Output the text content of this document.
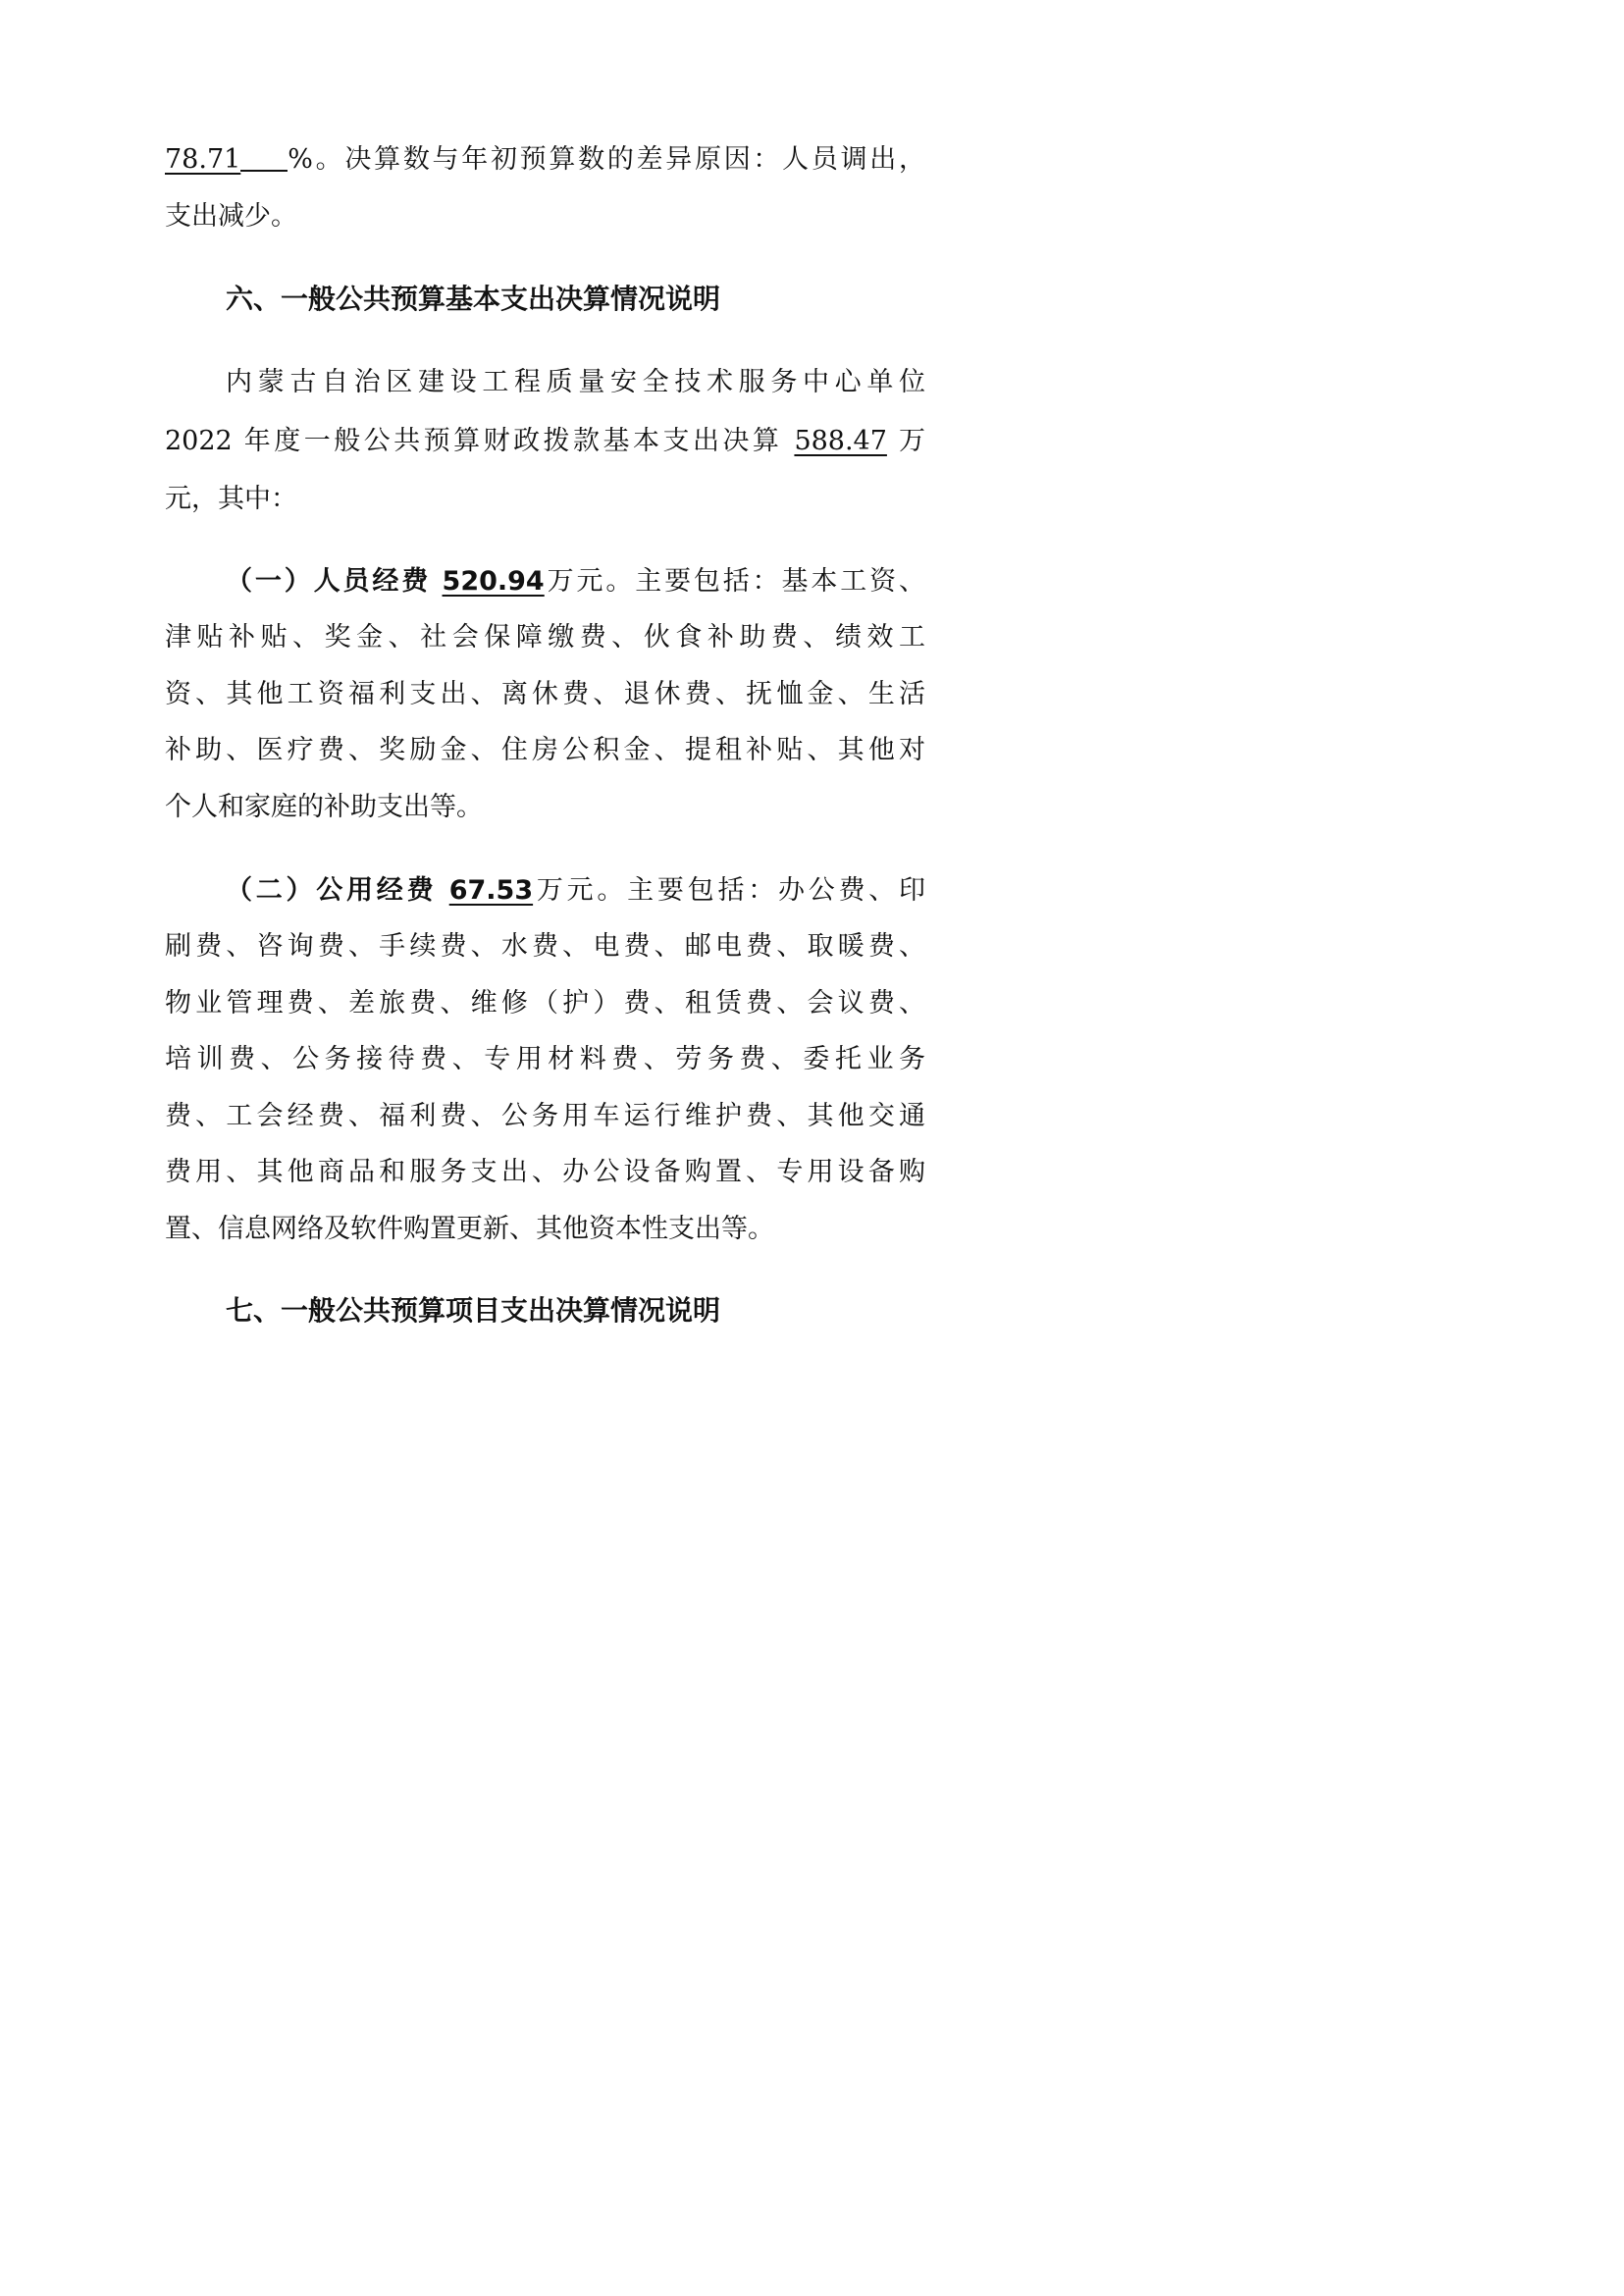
78.71 %。决算数与年初预算数的差异原因：人员调出，

支出减少。

六、一般公共预算基本支出决算情况说明

内蒙古自治区建设工程质量安全技术服务中心单位

2022 年度一般公共预算财政拨款基本支出决算 588.47 万

元，其中：

（一）人员经费 520.94万元。主要包括：基本工资、

津贴补贴、奖金、社会保障缴费、伙食补助费、绩效工

资、其他工资福利支出、离休费、退休费、抚恤金、生活

补助、医疗费、奖励金、住房公积金、提租补贴、其他对

个人和家庭的补助支出等。

（二）公用经费 67.53万元。主要包括：办公费、印

刷费、咨询费、手续费、水费、电费、邮电费、取暖费、

物业管理费、差旅费、维修（护）费、租赁费、会议费、

培训费、公务接待费、专用材料费、劳务费、委托业务

费、工会经费、福利费、公务用车运行维护费、其他交通

费用、其他商品和服务支出、办公设备购置、专用设备购

置、信息网络及软件购置更新、其他资本性支出等。

七、一般公共预算项目支出决算情况说明
